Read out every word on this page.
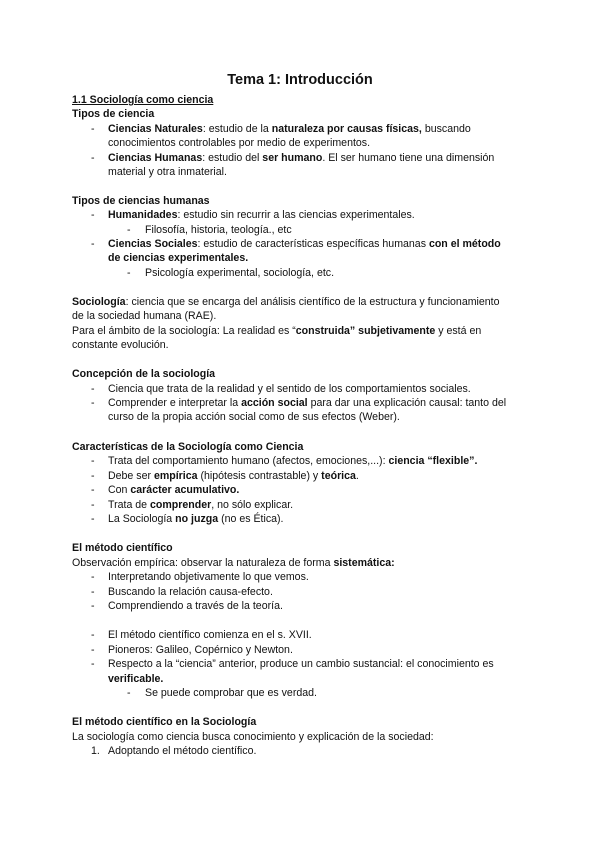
Tema 1: Introducción
1.1 Sociología como ciencia
Tipos de ciencia
- Ciencias Naturales: estudio de la naturaleza por causas físicas, buscando
conocimientos controlables por medio de experimentos.
- Ciencias Humanas: estudio del ser humano. El ser humano tiene una dimensión
material y otra inmaterial.
Tipos de ciencias humanas
- Humanidades: estudio sin recurrir a las ciencias experimentales.
- Filosofía, historia, teología., etc
- Ciencias Sociales: estudio de características específicas humanas con el método
de ciencias experimentales.
- Psicología experimental, sociología, etc.
Sociología: ciencia que se encarga del análisis científico de la estructura y funcionamiento
de la sociedad humana (RAE).
Para el ámbito de la sociología: La realidad es “construida” subjetivamente y está en
constante evolución.
Concepción de la sociología
- Ciencia que trata de la realidad y el sentido de los comportamientos sociales.
- Comprender e interpretar la acción social para dar una explicación causal: tanto del
curso de la propia acción social como de sus efectos (Weber).
Características de la Sociología como Ciencia
- Trata del comportamiento humano (afectos, emociones,...): ciencia “flexible”.
- Debe ser empírica (hipótesis contrastable) y teórica.
- Con carácter acumulativo.
- Trata de comprender, no sólo explicar.
- La Sociología no juzga (no es Ética).
El método científico
Observación empírica: observar la naturaleza de forma sistemática:
- Interpretando objetivamente lo que vemos.
- Buscando la relación causa-efecto.
- Comprendiendo a través de la teoría.
- El método científico comienza en el s. XVII.
- Pioneros: Galileo, Copérnico y Newton.
- Respecto a la “ciencia” anterior, produce un cambio sustancial: el conocimiento es
verificable.
- Se puede comprobar que es verdad.
El método científico en la Sociología
La sociología como ciencia busca conocimiento y explicación de la sociedad:
1. Adoptando el método científico.
